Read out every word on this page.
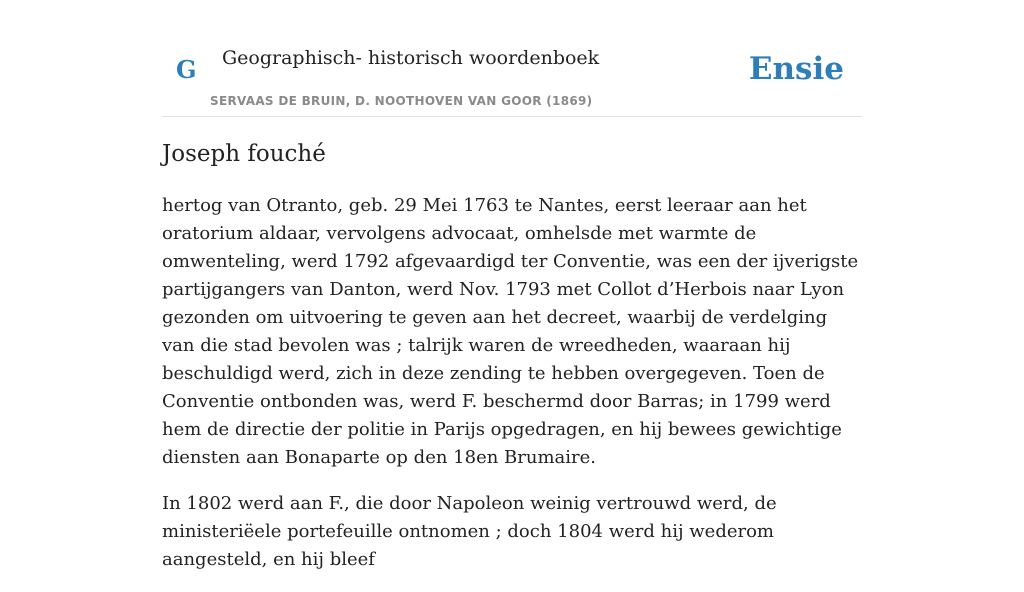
G Geographisch- historisch woordenboek
SERVAAS DE BRUIN, D. NOOTHOVEN VAN GOOR (1869)
Ensie
Joseph fouché

hertog van Otranto, geb. 29 Mei 1763 te Nantes, eerst leeraar aan het oratorium aldaar, vervolgens advocaat, omhelsde met warmte de omwenteling, werd 1792 afgevaardigd ter Conventie, was een der ijverigste partijgangers van Danton, werd Nov. 1793 met Collot d’Herbois naar Lyon gezonden om uitvoering te geven aan het decreet, waarbij de verdelging van die stad bevolen was ; talrijk waren de wreedheden, waaraan hij beschuldigd werd, zich in deze zending te hebben overgegeven. Toen de Conventie ontbonden was, werd F. beschermd door Barras; in 1799 werd hem de directie der politie in Parijs opgedragen, en hij bewees gewichtige diensten aan Bonaparte op den 18en Brumaire.

In 1802 werd aan F., die door Napoleon weinig vertrouwd werd, de ministeriëele portefeuille ontnomen ; doch 1804 werd hij wederom aangesteld, en hij bleef
